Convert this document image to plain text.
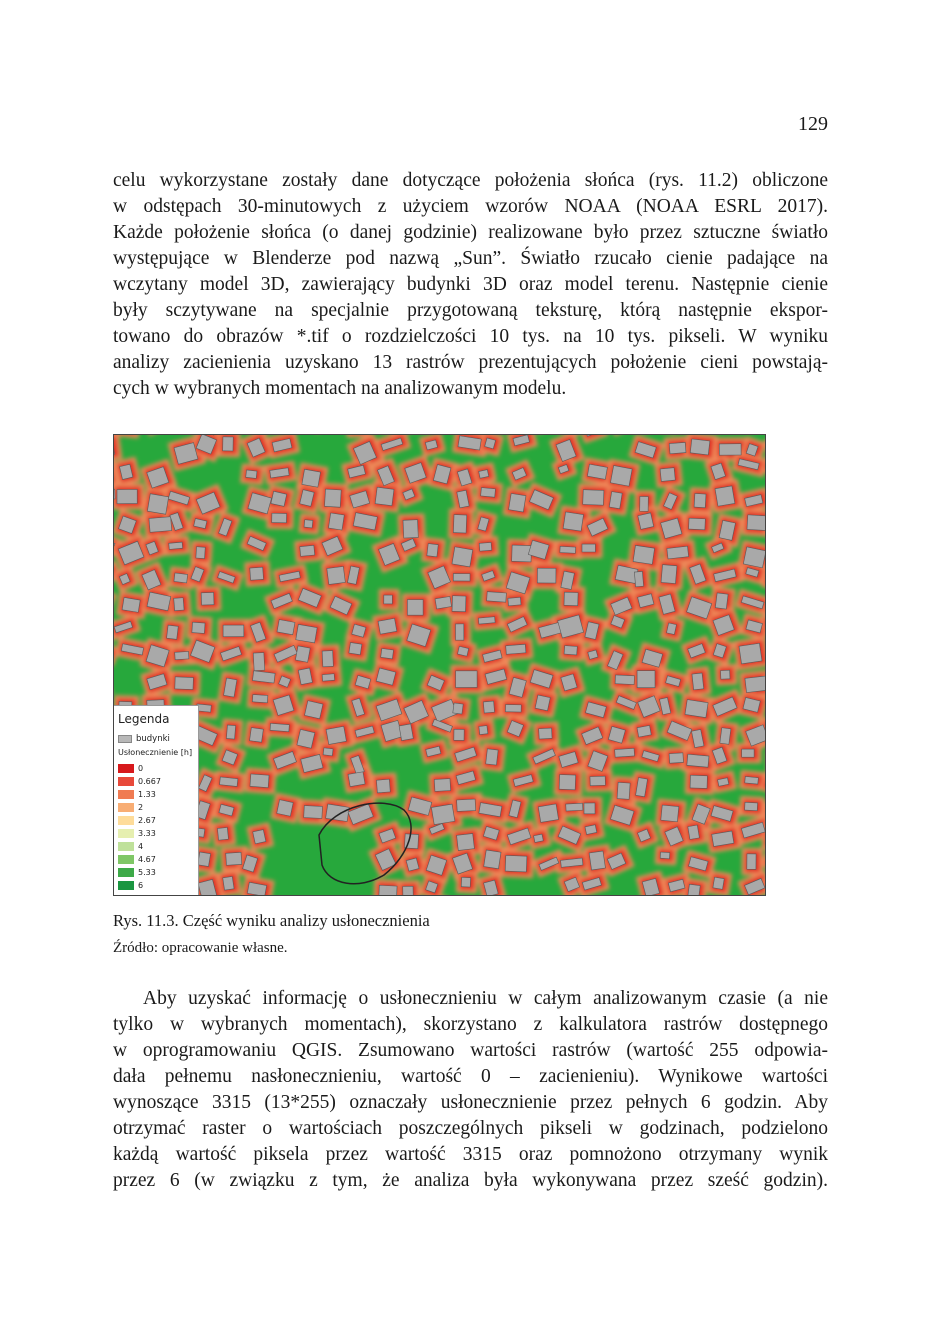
129

celu wykorzystane zostały dane dotyczące położenia słońca (rys. 11.2) obliczone
w odstępach 30-minutowych z użyciem wzorów NOAA (NOAA ESRL 2017).
Każde położenie słońca (o danej godzinie) realizowane było przez sztuczne światło
występujące w Blenderze pod nazwą „Sun”. Światło rzucało cienie padające na
wczytany model 3D, zawierający budynki 3D oraz model terenu. Następnie cienie
były sczytywane na specjalnie przygotowaną teksturę, którą następnie ekspor-
towano do obrazów *.tif o rozdzielczości 10 tys. na 10 tys. pikseli. W wyniku
analizy zacienienia uzyskano 13 rastrów prezentujących położenie cieni powstają-
cych w wybranych momentach na analizowanym modelu.

Legenda
budynki
Usłonecznienie [h]
0
0.667
1.33
2
2.67
3.33
4
4.67
5.33
6
Rys. 11.3. Część wyniku analizy usłonecznienia
Źródło: opracowanie własne.

Aby uzyskać informację o usłonecznieniu w całym analizowanym czasie (a nie
tylko w wybranych momentach), skorzystano z kalkulatora rastrów dostępnego
w oprogramowaniu QGIS. Zsumowano wartości rastrów (wartość 255 odpowia-
dała pełnemu nasłonecznieniu, wartość 0 – zacienieniu). Wynikowe wartości
wynoszące 3315 (13*255) oznaczały usłonecznienie przez pełnych 6 godzin. Aby
otrzymać raster o wartościach poszczególnych pikseli w godzinach, podzielono
każdą wartość piksela przez wartość 3315 oraz pomnożono otrzymany wynik
przez 6 (w związku z tym, że analiza była wykonywana przez sześć godzin).
